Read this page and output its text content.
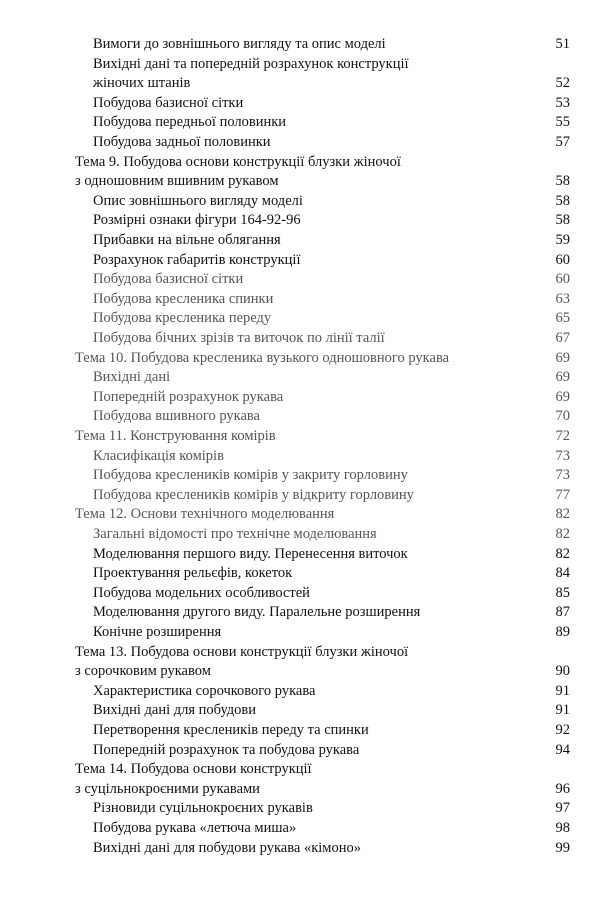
Вимоги до зовнішнього вигляду та опис моделі	51
Вихідні дані та попередній розрахунок конструкції
жіночих штанів	52
Побудова базисної сітки	53
Побудова передньої половинки	55
Побудова задньої половинки	57
Тема 9. Побудова основи конструкції блузки жіночої
з одношовним вшивним рукавом	58
Опис зовнішнього вигляду моделі	58
Розмірні ознаки фігури 164-92-96	58
Прибавки на вільне облягання	59
Розрахунок габаритів конструкції	60
Побудова базисної сітки	60
Побудова кресленика спинки	63
Побудова кресленика переду	65
Побудова бічних зрізів та виточок по лінії талії	67
Тема 10. Побудова кресленика вузького одношовного рукава	69
Вихідні дані	69
Попередній розрахунок рукава	69
Побудова вшивного рукава	70
Тема 11. Конструювання комірів	72
Класифікація комірів	73
Побудова креслеників комірів у закриту горловину	73
Побудова креслеників комірів у відкриту горловину	77
Тема 12. Основи технічного моделювання	82
Загальні відомості про технічне моделювання	82
Моделювання першого виду. Перенесення виточок	82
Проектування рельєфів, кокеток	84
Побудова модельних особливостей	85
Моделювання другого виду. Паралельне розширення	87
Конічне розширення	89
Тема 13. Побудова основи конструкції блузки жіночої
з сорочковим рукавом	90
Характеристика сорочкового рукава	91
Вихідні дані для побудови	91
Перетворення креслеників переду та спинки	92
Попередній розрахунок та побудова рукава	94
Тема 14. Побудова основи конструкції
з суцільнокроєними рукавами	96
Різновиди суцільнокроєних рукавів	97
Побудова рукава «летюча миша»	98
Вихідні дані для побудови рукава «кімоно»	99
